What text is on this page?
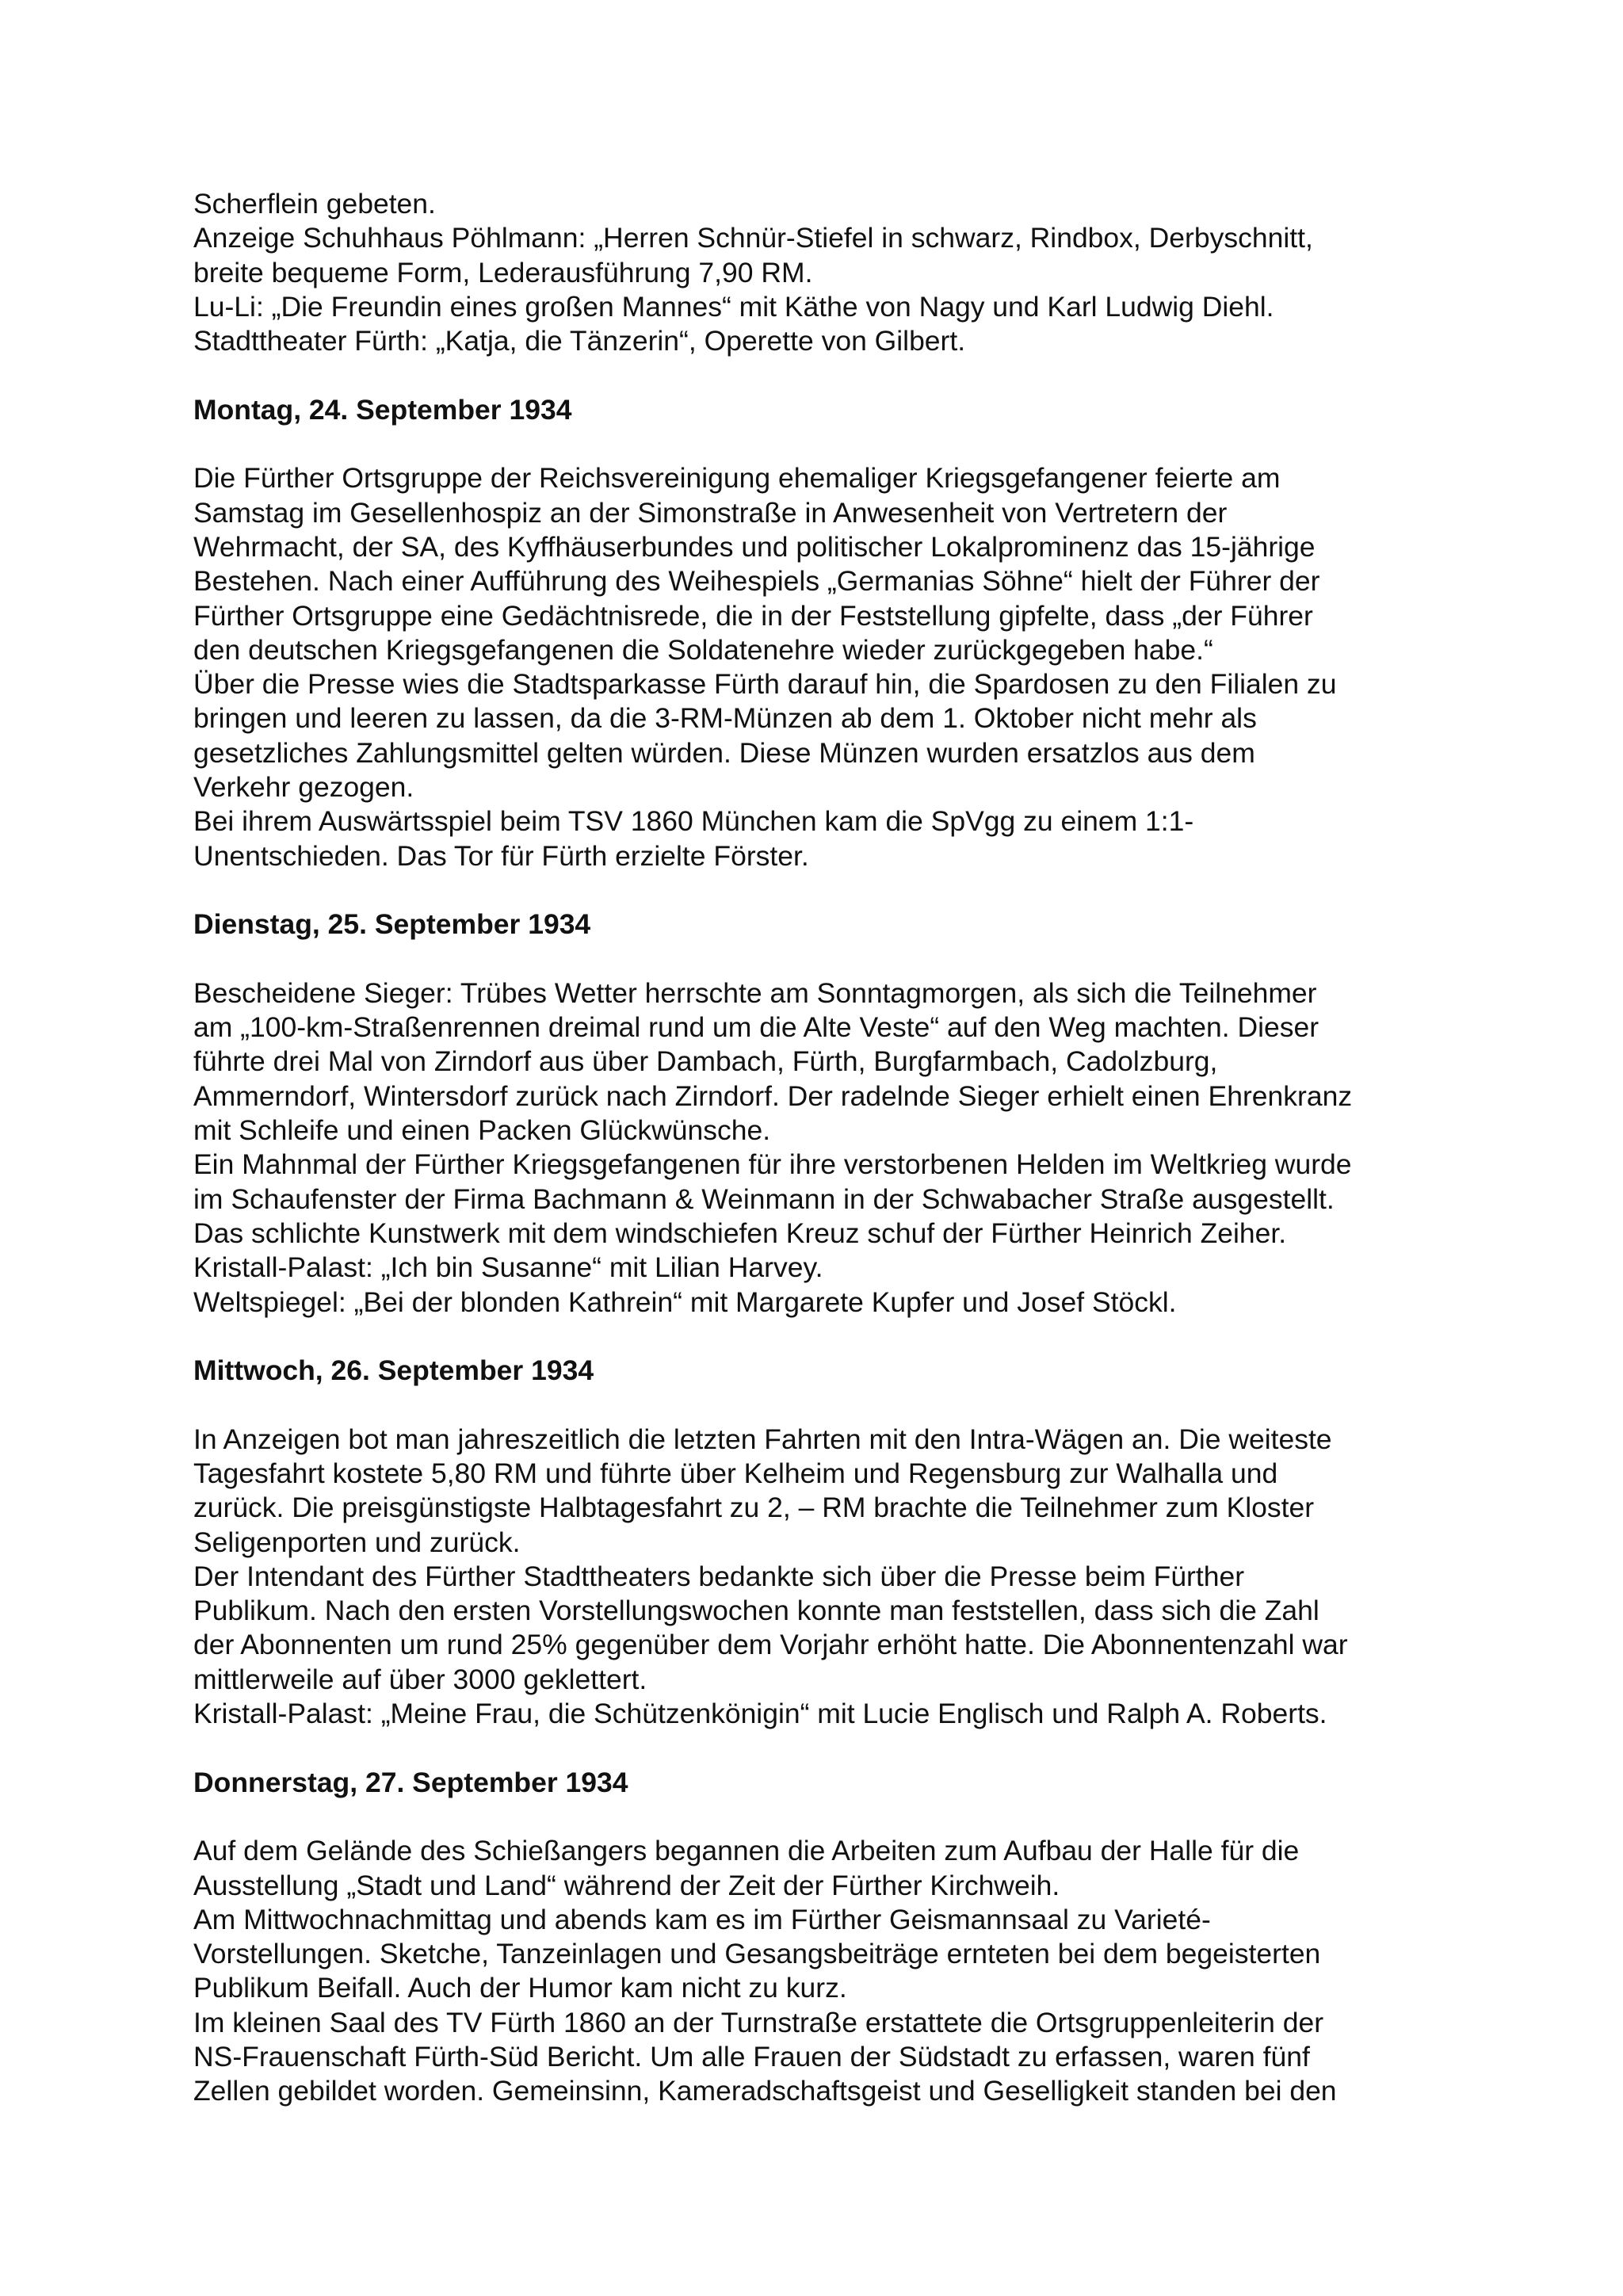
Scherflein gebeten.
Anzeige Schuhhaus Pöhlmann: „Herren Schnür-Stiefel in schwarz, Rindbox, Derbyschnitt,
breite bequeme Form, Lederausführung 7,90 RM.
Lu-Li: „Die Freundin eines großen Mannes“ mit Käthe von Nagy und Karl Ludwig Diehl.
Stadttheater Fürth: „Katja, die Tänzerin“, Operette von Gilbert.
Montag, 24. September 1934
Die Fürther Ortsgruppe der Reichsvereinigung ehemaliger Kriegsgefangener feierte am
Samstag im Gesellenhospiz an der Simonstraße in Anwesenheit von Vertretern der
Wehrmacht, der SA, des Kyffhäuserbundes und politischer Lokalprominenz das 15-jährige
Bestehen. Nach einer Aufführung des Weihespiels „Germanias Söhne“ hielt der Führer der
Fürther Ortsgruppe eine Gedächtnisrede, die in der Feststellung gipfelte, dass „der Führer
den deutschen Kriegsgefangenen die Soldatenehre wieder zurückgegeben habe.“
Über die Presse wies die Stadtsparkasse Fürth darauf hin, die Spardosen zu den Filialen zu
bringen und leeren zu lassen, da die 3-RM-Münzen ab dem 1. Oktober nicht mehr als
gesetzliches Zahlungsmittel gelten würden. Diese Münzen wurden ersatzlos aus dem
Verkehr gezogen.
Bei ihrem Auswärtsspiel beim TSV 1860 München kam die SpVgg zu einem 1:1-
Unentschieden. Das Tor für Fürth erzielte Förster.
Dienstag, 25. September 1934
Bescheidene Sieger: Trübes Wetter herrschte am Sonntagmorgen, als sich die Teilnehmer
am „100-km-Straßenrennen dreimal rund um die Alte Veste“ auf den Weg machten. Dieser
führte drei Mal von Zirndorf aus über Dambach, Fürth, Burgfarmbach, Cadolzburg,
Ammerndorf, Wintersdorf zurück nach Zirndorf. Der radelnde Sieger erhielt einen Ehrenkranz
mit Schleife und einen Packen Glückwünsche.
Ein Mahnmal der Fürther Kriegsgefangenen für ihre verstorbenen Helden im Weltkrieg wurde
im Schaufenster der Firma Bachmann & Weinmann in der Schwabacher Straße ausgestellt.
Das schlichte Kunstwerk mit dem windschiefen Kreuz schuf der Fürther Heinrich Zeiher.
Kristall-Palast: „Ich bin Susanne“ mit Lilian Harvey.
Weltspiegel: „Bei der blonden Kathrein“ mit Margarete Kupfer und Josef Stöckl.
Mittwoch, 26. September 1934
In Anzeigen bot man jahreszeitlich die letzten Fahrten mit den Intra-Wägen an. Die weiteste
Tagesfahrt kostete 5,80 RM und führte über Kelheim und Regensburg zur Walhalla und
zurück. Die preisgünstigste Halbtagesfahrt zu 2, – RM brachte die Teilnehmer zum Kloster
Seligenporten und zurück.
Der Intendant des Fürther Stadttheaters bedankte sich über die Presse beim Fürther
Publikum. Nach den ersten Vorstellungswochen konnte man feststellen, dass sich die Zahl
der Abonnenten um rund 25% gegenüber dem Vorjahr erhöht hatte. Die Abonnentenzahl war
mittlerweile auf über 3000 geklettert.
Kristall-Palast: „Meine Frau, die Schützenkönigin“ mit Lucie Englisch und Ralph A. Roberts.
Donnerstag, 27. September 1934
Auf dem Gelände des Schießangers begannen die Arbeiten zum Aufbau der Halle für die
Ausstellung „Stadt und Land“ während der Zeit der Fürther Kirchweih.
Am Mittwochnachmittag und abends kam es im Fürther Geismannsaal zu Varieté-
Vorstellungen. Sketche, Tanzeinlagen und Gesangsbeiträge ernteten bei dem begeisterten
Publikum Beifall. Auch der Humor kam nicht zu kurz.
Im kleinen Saal des TV Fürth 1860 an der Turnstraße erstattete die Ortsgruppenleiterin der
NS-Frauenschaft Fürth-Süd Bericht. Um alle Frauen der Südstadt zu erfassen, waren fünf
Zellen gebildet worden. Gemeinsinn, Kameradschaftsgeist und Geselligkeit standen bei den
